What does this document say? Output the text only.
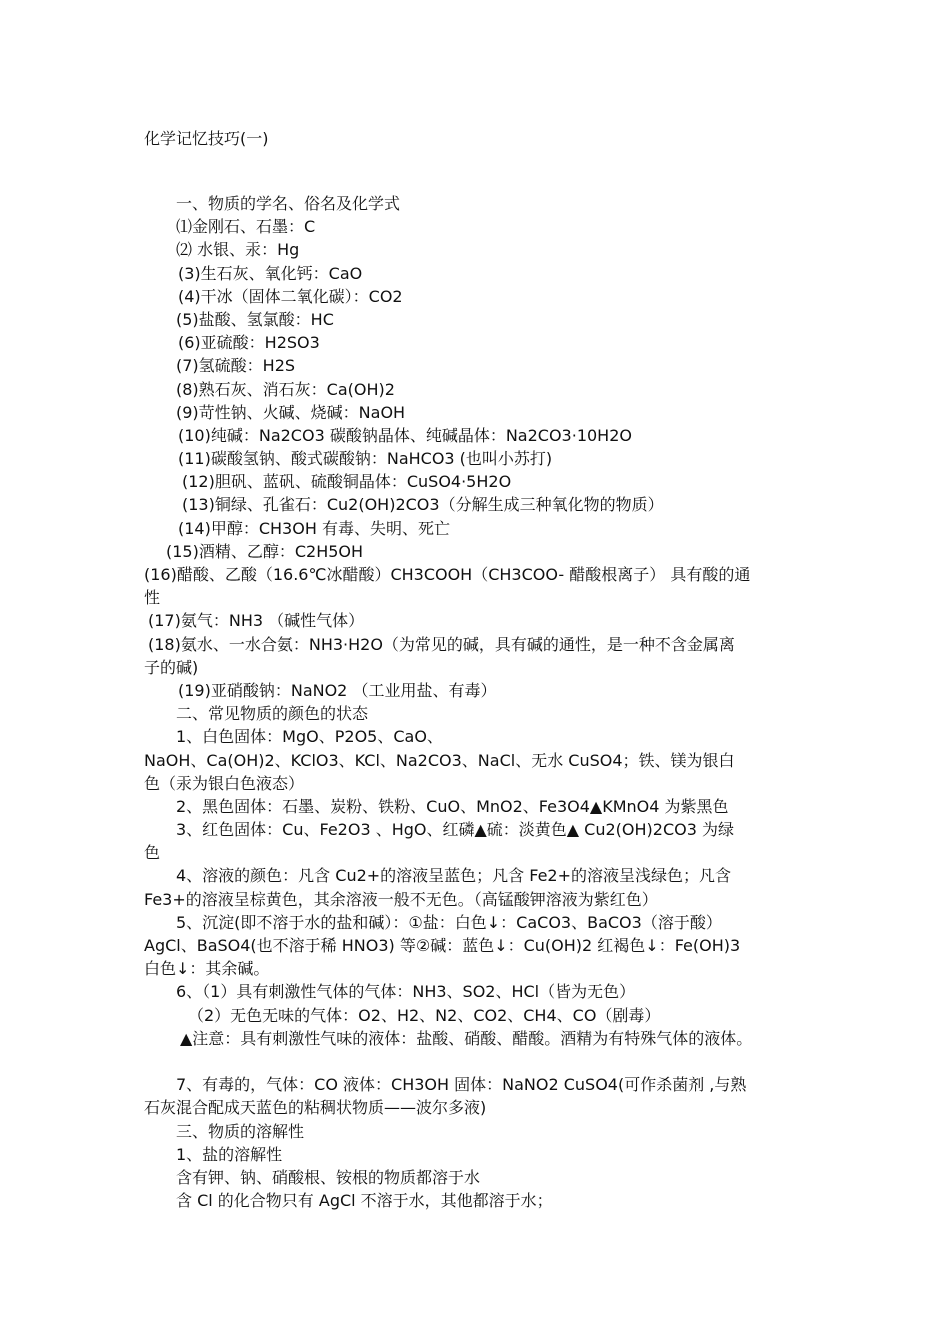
化学记忆技巧(一)
一、物质的学名、俗名及化学式
⑴金刚石、石墨：C
⑵ 水银、汞：Hg
(3)生石灰、氧化钙：CaO
(4)干冰（固体二氧化碳）：CO2
(5)盐酸、氢氯酸：HC
(6)亚硫酸：H2SO3
(7)氢硫酸：H2S
(8)熟石灰、消石灰：Ca(OH)2
(9)苛性钠、火碱、烧碱：NaOH
(10)纯碱：Na2CO3 碳酸钠晶体、纯碱晶体：Na2CO3·10H2O
(11)碳酸氢钠、酸式碳酸钠：NaHCO3 (也叫小苏打)
(12)胆矾、蓝矾、硫酸铜晶体：CuSO4·5H2O
(13)铜绿、孔雀石：Cu2(OH)2CO3（分解生成三种氧化物的物质）
(14)甲醇：CH3OH 有毒、失明、死亡
(15)酒精、乙醇：C2H5OH
(16)醋酸、乙酸（16.6℃冰醋酸）CH3COOH（CH3COO- 醋酸根离子） 具有酸的通
性
(17)氨气：NH3 （碱性气体）
(18)氨水、一水合氨：NH3·H2O（为常见的碱，具有碱的通性，是一种不含金属离
子的碱)
(19)亚硝酸钠：NaNO2 （工业用盐、有毒）
二、常见物质的颜色的状态
1、白色固体：MgO、P2O5、CaO、
NaOH、Ca(OH)2、KClO3、KCl、Na2CO3、NaCl、无水 CuSO4；铁、镁为银白
色（汞为银白色液态）
2、黑色固体：石墨、炭粉、铁粉、CuO、MnO2、Fe3O4▲KMnO4 为紫黑色
3、红色固体：Cu、Fe2O3 、HgO、红磷▲硫：淡黄色▲ Cu2(OH)2CO3 为绿
色
4、溶液的颜色：凡含 Cu2+的溶液呈蓝色；凡含 Fe2+的溶液呈浅绿色；凡含
Fe3+的溶液呈棕黄色，其余溶液一般不无色。（高锰酸钾溶液为紫红色）
5、沉淀(即不溶于水的盐和碱）：①盐：白色↓：CaCO3、BaCO3（溶于酸）
AgCl、BaSO4(也不溶于稀 HNO3) 等②碱：蓝色↓：Cu(OH)2 红褐色↓：Fe(OH)3
白色↓：其余碱。
6、（1）具有刺激性气体的气体：NH3、SO2、HCl（皆为无色）
（2）无色无味的气体：O2、H2、N2、CO2、CH4、CO（剧毒）
▲注意：具有刺激性气味的液体：盐酸、硝酸、醋酸。酒精为有特殊气体的液体。
7、有毒的，气体：CO 液体：CH3OH 固体：NaNO2 CuSO4(可作杀菌剂 ,与熟
石灰混合配成天蓝色的粘稠状物质——波尔多液)
三、物质的溶解性
1、盐的溶解性
含有钾、钠、硝酸根、铵根的物质都溶于水
含 Cl 的化合物只有 AgCl 不溶于水，其他都溶于水；
